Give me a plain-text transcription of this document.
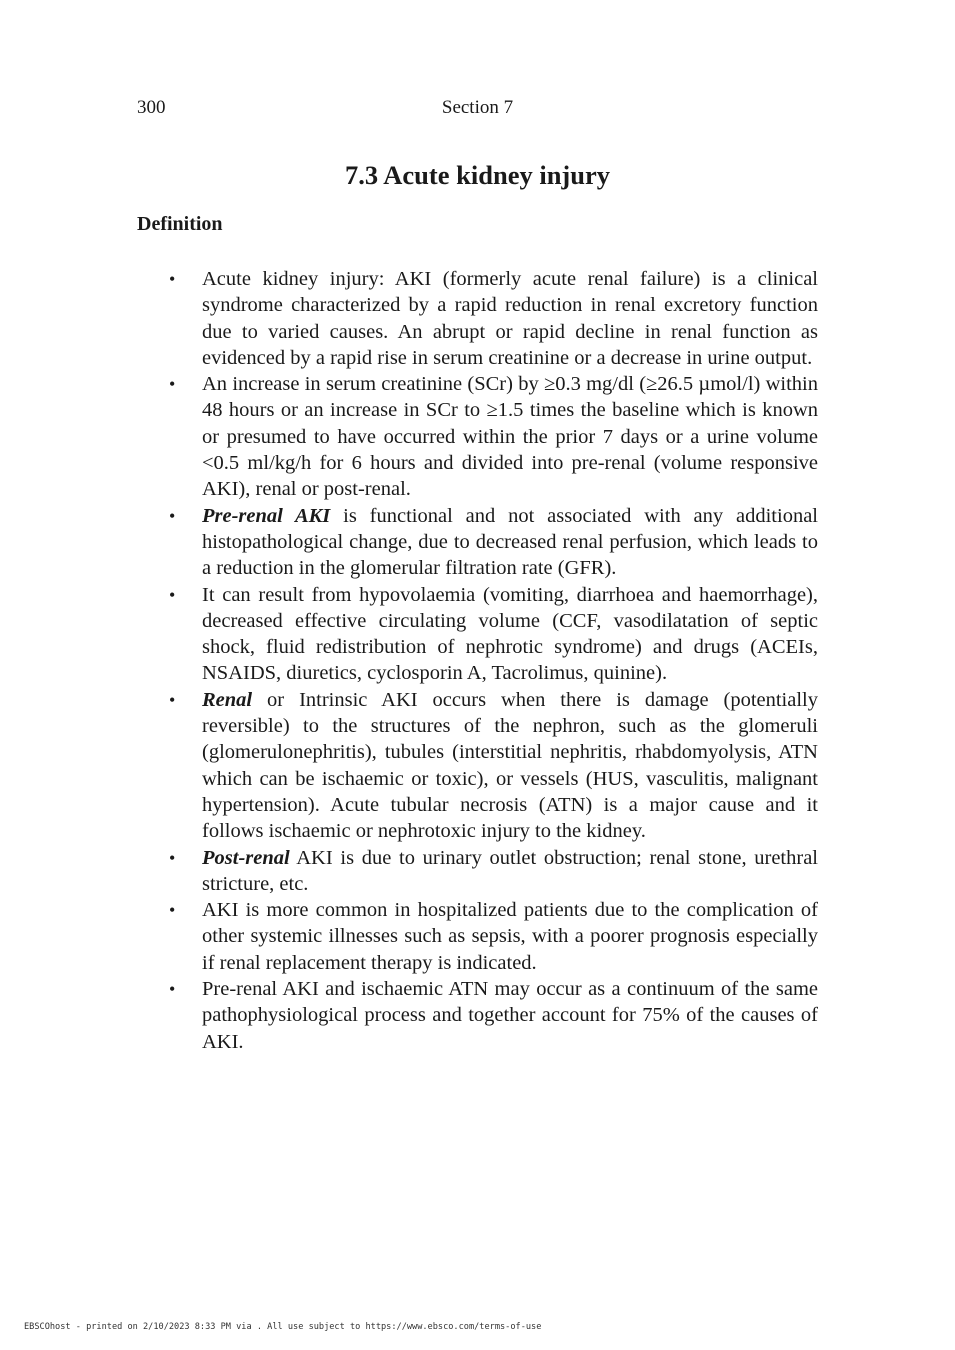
300	Section 7
7.3 Acute kidney injury
Definition
• Acute kidney injury: AKI (formerly acute renal failure) is a clinical syndrome characterized by a rapid reduction in renal excretory function due to varied causes. An abrupt or rapid decline in renal function as evidenced by a rapid rise in serum creatinine or a decrease in urine output.
• An increase in serum creatinine (SCr) by ≥0.3 mg/dl (≥26.5 µmol/l) within 48 hours or an increase in SCr to ≥1.5 times the baseline which is known or presumed to have occurred within the prior 7 days or a urine volume <0.5 ml/kg/h for 6 hours and divided into pre-renal (volume responsive AKI), renal or post-renal.
• Pre-renal AKI is functional and not associated with any additional histopathological change, due to decreased renal perfusion, which leads to a reduction in the glomerular filtration rate (GFR).
• It can result from hypovolaemia (vomiting, diarrhoea and haemorrhage), decreased effective circulating volume (CCF, vasodilatation of septic shock, fluid redistribution of nephrotic syndrome) and drugs (ACEIs, NSAIDS, diuretics, cyclosporin A, Tacrolimus, quinine).
• Renal or Intrinsic AKI occurs when there is damage (potentially reversible) to the structures of the nephron, such as the glomeruli (glomerulonephritis), tubules (interstitial nephritis, rhabdomyolysis, ATN which can be ischaemic or toxic), or vessels (HUS, vasculitis, malignant hypertension). Acute tubular necrosis (ATN) is a major cause and it follows ischaemic or nephrotoxic injury to the kidney.
• Post-renal AKI is due to urinary outlet obstruction; renal stone, urethral stricture, etc.
• AKI is more common in hospitalized patients due to the complication of other systemic illnesses such as sepsis, with a poorer prognosis especially if renal replacement therapy is indicated.
• Pre-renal AKI and ischaemic ATN may occur as a continuum of the same pathophysiological process and together account for 75% of the causes of AKI.
EBSCOhost - printed on 2/10/2023 8:33 PM via . All use subject to https://www.ebsco.com/terms-of-use
